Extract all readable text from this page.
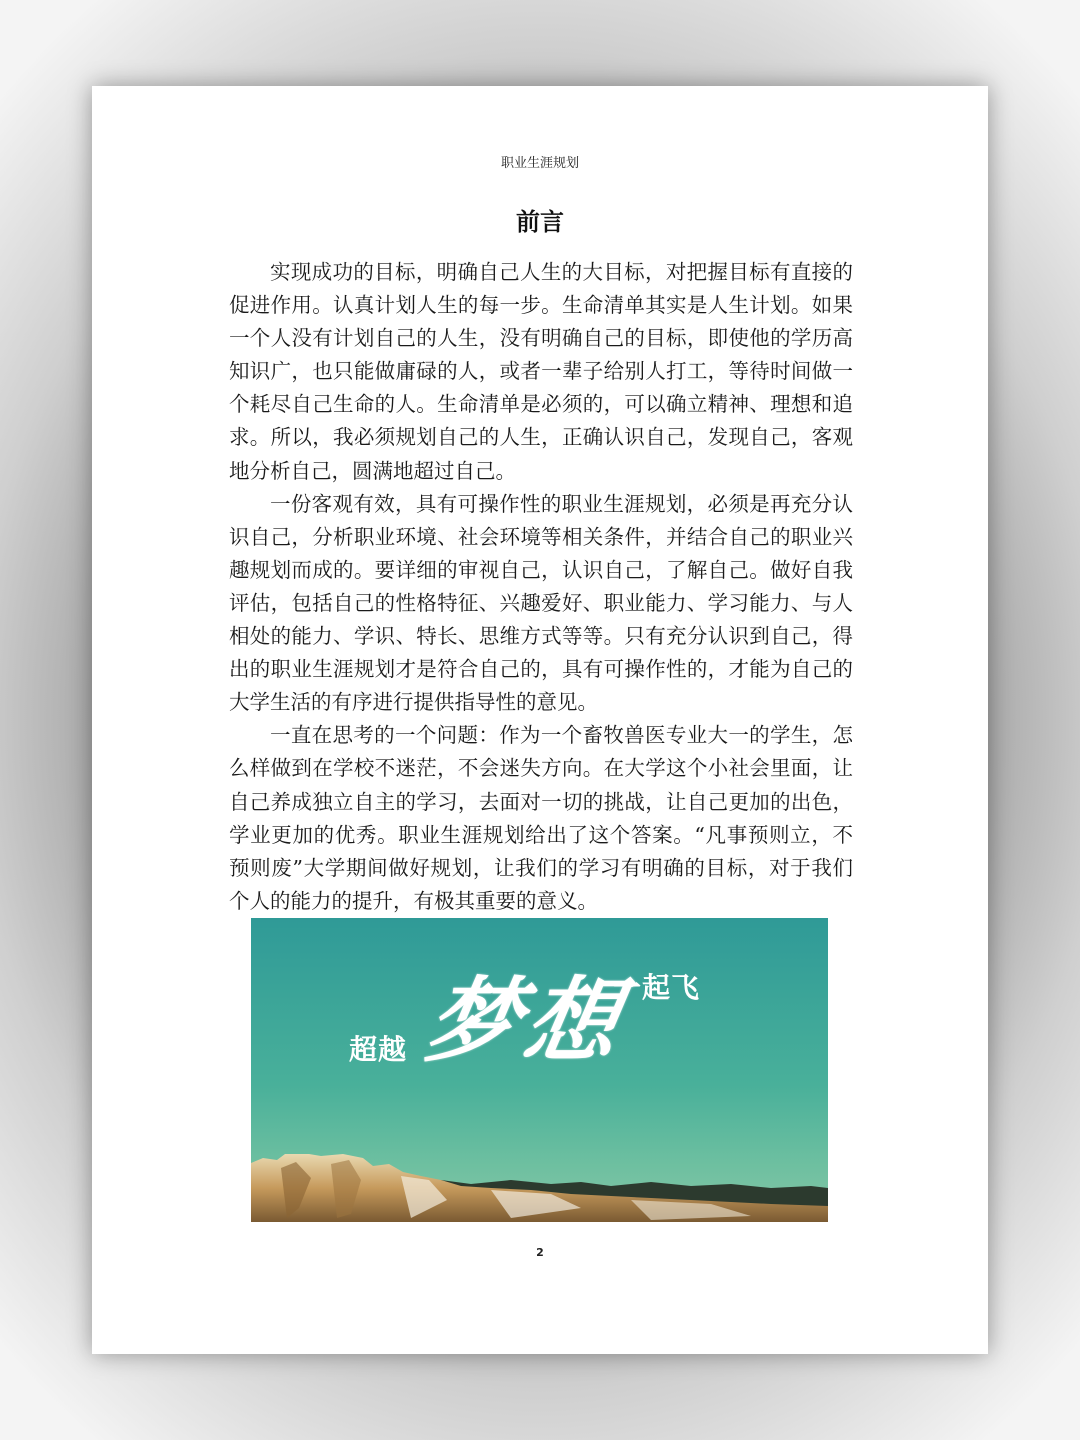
职业生涯规划
前言

实现成功的目标，明确自己人生的大目标，对把握目标有直接的促进作用。认真计划人生的每一步。生命清单其实是人生计划。如果一个人没有计划自己的人生，没有明确自己的目标，即使他的学历高知识广，也只能做庸碌的人，或者一辈子给别人打工，等待时间做一个耗尽自己生命的人。生命清单是必须的，可以确立精神、理想和追求。所以，我必须规划自己的人生，正确认识自己，发现自己，客观地分析自己，圆满地超过自己。

一份客观有效，具有可操作性的职业生涯规划，必须是再充分认识自己，分析职业环境、社会环境等相关条件，并结合自己的职业兴趣规划而成的。要详细的审视自己，认识自己，了解自己。做好自我评估，包括自己的性格特征、兴趣爱好、职业能力、学习能力、与人相处的能力、学识、特长、思维方式等等。只有充分认识到自己，得出的职业生涯规划才是符合自己的，具有可操作性的，才能为自己的大学生活的有序进行提供指导性的意见。

一直在思考的一个问题：作为一个畜牧兽医专业大一的学生，怎么样做到在学校不迷茫，不会迷失方向。在大学这个小社会里面，让自己养成独立自主的学习，去面对一切的挑战，让自己更加的出色，学业更加的优秀。职业生涯规划给出了这个答案。“凡事预则立，不预则废”大学期间做好规划，让我们的学习有明确的目标，对于我们个人的能力的提升，有极其重要的意义。

超越 梦想
一起飞
2
